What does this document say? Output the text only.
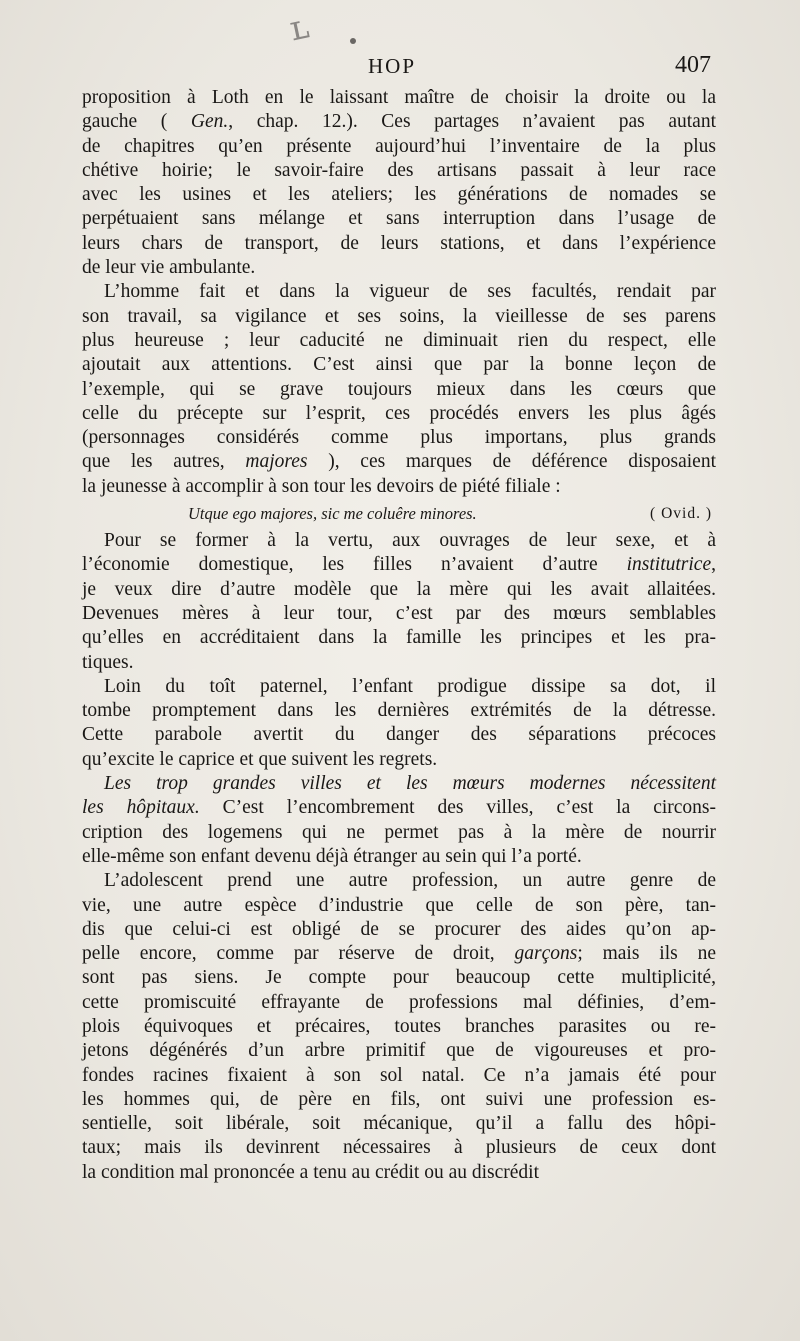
ʟ
HOP	407

proposition à Loth en le laissant maître de choisir la droite ou la
gauche ( Gen., chap. 12.). Ces partages n’avaient pas autant
de chapitres qu’en présente aujourd’hui l’inventaire de la plus
chétive hoirie; le savoir-faire des artisans passait à leur race
avec les usines et les ateliers; les générations de nomades se
perpétuaient sans mélange et sans interruption dans l’usage de
leurs chars de transport, de leurs stations, et dans l’expérience
de leur vie ambulante.

L’homme fait et dans la vigueur de ses facultés, rendait par
son travail, sa vigilance et ses soins, la vieillesse de ses parens
plus heureuse ; leur caducité ne diminuait rien du respect, elle
ajoutait aux attentions. C’est ainsi que par la bonne leçon de
l’exemple, qui se grave toujours mieux dans les cœurs que
celle du précepte sur l’esprit, ces procédés envers les plus âgés
(personnages considérés comme plus importans, plus grands
que les autres, majores ), ces marques de déférence disposaient
la jeunesse à accomplir à son tour les devoirs de piété filiale :

Utque ego majores, sic me coluêre minores.	( Ovid. )

Pour se former à la vertu, aux ouvrages de leur sexe, et à
l’économie domestique, les filles n’avaient d’autre institutrice,
je veux dire d’autre modèle que la mère qui les avait allaitées.
Devenues mères à leur tour, c’est par des mœurs semblables
qu’elles en accréditaient dans la famille les principes et les pra-
tiques.

Loin du toît paternel, l’enfant prodigue dissipe sa dot, il
tombe promptement dans les dernières extrémités de la détresse.
Cette parabole avertit du danger des séparations précoces
qu’excite le caprice et que suivent les regrets.

Les trop grandes villes et les mœurs modernes nécessitent
les hôpitaux. C’est l’encombrement des villes, c’est la circons-
cription des logemens qui ne permet pas à la mère de nourrir
elle-même son enfant devenu déjà étranger au sein qui l’a porté.

L’adolescent prend une autre profession, un autre genre de
vie, une autre espèce d’industrie que celle de son père, tan-
dis que celui-ci est obligé de se procurer des aides qu’on ap-
pelle encore, comme par réserve de droit, garçons; mais ils ne
sont pas siens. Je compte pour beaucoup cette multiplicité,
cette promiscuité effrayante de professions mal définies, d’em-
plois équivoques et précaires, toutes branches parasites ou re-
jetons dégénérés d’un arbre primitif que de vigoureuses et pro-
fondes racines fixaient à son sol natal. Ce n’a jamais été pour
les hommes qui, de père en fils, ont suivi une profession es-
sentielle, soit libérale, soit mécanique, qu’il a fallu des hôpi-
taux; mais ils devinrent nécessaires à plusieurs de ceux dont
la condition mal prononcée a tenu au crédit ou au discrédit
